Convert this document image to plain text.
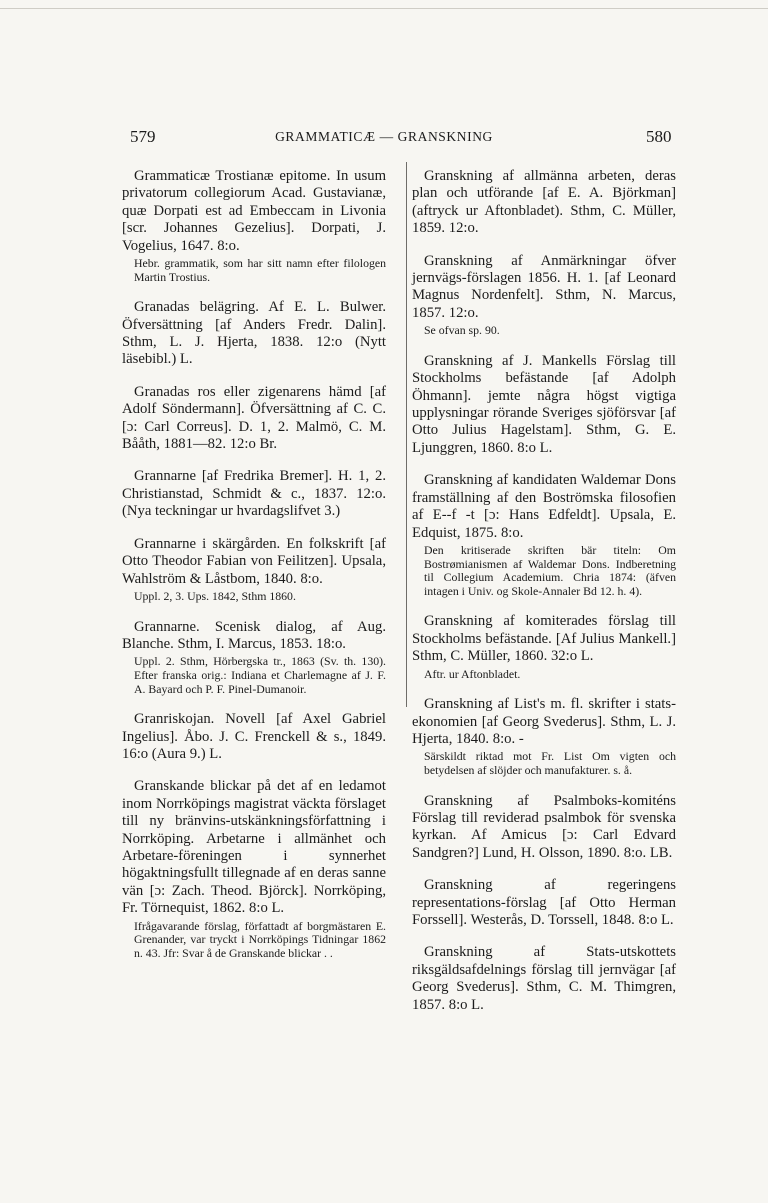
579	GRAMMATICÆ — GRANSKNING	580
Grammaticæ Trostianæ epitome. In usum privatorum collegiorum Acad. Gustavianæ, quæ Dorpati est ad Embeccam in Livonia [scr. Johannes Gezelius]. Dorpati, J. Vogelius, 1647. 8:o.
Hebr. grammatik, som har sitt namn efter filologen Martin Trostius.
Granadas belägring. Af E. L. Bulwer. Öfversättning [af Anders Fredr. Dalin]. Sthm, L. J. Hjerta, 1838. 12:o (Nytt läsebibl.) L.
Granadas ros eller zigenarens hämd [af Adolf Söndermann]. Öfversättning af C. C. [ɔ: Carl Correus]. D. 1, 2. Malmö, C. M. Bååth, 1881—82. 12:o Br.
Grannarne [af Fredrika Bremer]. H. 1, 2. Christianstad, Schmidt & c., 1837. 12:o. (Nya teckningar ur hvardagslifvet 3.)
Grannarne i skärgården. En folkskrift [af Otto Theodor Fabian von Feilitzen]. Upsala, Wahlström & Låstbom, 1840. 8:o.
Uppl. 2, 3. Ups. 1842, Sthm 1860.
Grannarne. Scenisk dialog, af Aug. Blanche. Sthm, I. Marcus, 1853. 18:o.
Uppl. 2. Sthm, Hörbergska tr., 1863 (Sv. th. 130). Efter franska orig.: Indiana et Charlemagne af J. F. A. Bayard och P. F. Pinel-Dumanoir.
Granriskojan. Novell [af Axel Gabriel Ingelius]. Åbo. J. C. Frenckell & s., 1849. 16:o (Aura 9.) L.
Granskande blickar på det af en ledamot inom Norrköpings magistrat väckta förslaget till ny bränvins-utskänkningsförfattning i Norrköping. Arbetarne i allmänhet och Arbetare-föreningen i synnerhet högaktningsfullt tillegnade af en deras sanne vän [ɔ: Zach. Theod. Björck]. Norrköping, Fr. Törnequist, 1862. 8:o L.
Ifrågavarande förslag, författadt af borgmästaren E. Grenander, var tryckt i Norrköpings Tidningar 1862 n. 43. Jfr: Svar å de Granskande blickar . .
Granskning af allmänna arbeten, deras plan och utförande [af E. A. Björkman] (aftryck ur Aftonbladet). Sthm, C. Müller, 1859. 12:o.
Granskning af Anmärkningar öfver jernvägs-förslagen 1856. H. 1. [af Leonard Magnus Nordenfelt]. Sthm, N. Marcus, 1857. 12:o.
Se ofvan sp. 90.
Granskning af J. Mankells Förslag till Stockholms befästande [af Adolph Öhmann]. jemte några högst vigtiga upplysningar rörande Sveriges sjöförsvar [af Otto Julius Hagelstam]. Sthm, G. E. Ljunggren, 1860. 8:o L.
Granskning af kandidaten Waldemar Dons framställning af den Boströmska filosofien af E--f -t [ɔ: Hans Edfeldt]. Upsala, E. Edquist, 1875. 8:o.
Den kritiserade skriften bär titeln: Om Bostrømianismen af Waldemar Dons. Indberetning til Collegium Academium. Chria 1874: (äfven intagen i Univ. og Skole-Annaler Bd 12. h. 4).
Granskning af komiterades förslag till Stockholms befästande. [Af Julius Mankell.] Sthm, C. Müller, 1860. 32:o L.
Aftr. ur Aftonbladet.
Granskning af List's m. fl. skrifter i stats-ekonomien [af Georg Svederus]. Sthm, L. J. Hjerta, 1840. 8:o. -
Särskildt riktad mot Fr. List Om vigten och betydelsen af slöjder och manufakturer. s. å.
Granskning af Psalmboks-komiténs Förslag till reviderad psalmbok för svenska kyrkan. Af Amicus [ɔ: Carl Edvard Sandgren?] Lund, H. Olsson, 1890. 8:o. LB.
Granskning af regeringens representations-förslag [af Otto Herman Forssell]. Westerås, D. Torssell, 1848. 8:o L.
Granskning af Stats-utskottets riksgäldsafdelnings förslag till jernvägar [af Georg Svederus]. Sthm, C. M. Thimgren, 1857. 8:o L.
